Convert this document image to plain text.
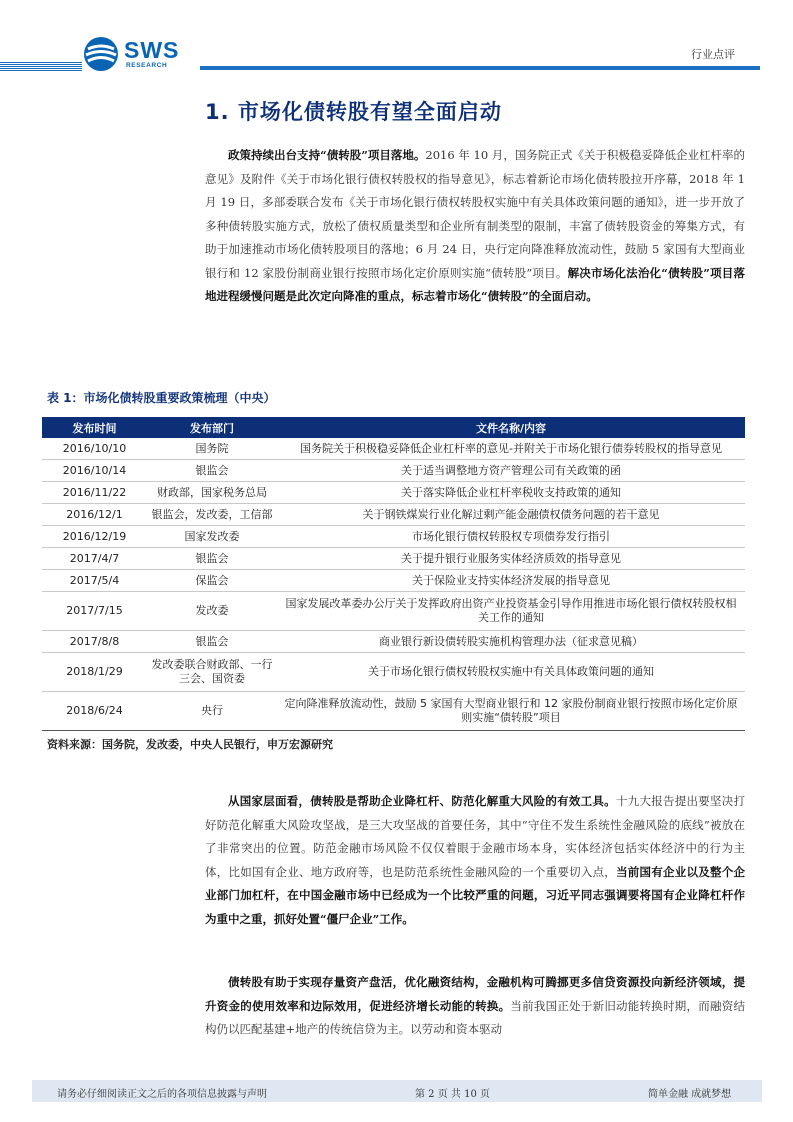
SWS
RESEARCH
行业点评
1. 市场化债转股有望全面启动

政策持续出台支持“债转股”项目落地。2016 年 10 月，国务院正式《关于积极稳妥降低企业杠杆率的意见》及附件《关于市场化银行债权转股权的指导意见》，标志着新论市场化债转股拉开序幕，2018 年 1 月 19 日，多部委联合发布《关于市场化银行债权转股权实施中有关具体政策问题的通知》，进一步开放了多种债转股实施方式，放松了债权质量类型和企业所有制类型的限制，丰富了债转股资金的筹集方式，有助于加速推动市场化债转股项目的落地；6 月 24 日，央行定向降准释放流动性，鼓励 5 家国有大型商业银行和 12 家股份制商业银行按照市场化定价原则实施“债转股”项目。解决市场化法治化“债转股”项目落地进程缓慢问题是此次定向降准的重点，标志着市场化“债转股”的全面启动。

表 1：市场化债转股重要政策梳理（中央）
发布时间	发布部门	文件名称/内容
2016/10/10	国务院	国务院关于积极稳妥降低企业杠杆率的意见-并附关于市场化银行债券转股权的指导意见
2016/10/14	银监会	关于适当调整地方资产管理公司有关政策的函
2016/11/22	财政部，国家税务总局	关于落实降低企业杠杆率税收支持政策的通知
2016/12/1	银监会，发改委，工信部	关于钢铁煤炭行业化解过剩产能金融债权债务问题的若干意见
2016/12/19	国家发改委	市场化银行债权转股权专项债券发行指引
2017/4/7	银监会	关于提升银行业服务实体经济质效的指导意见
2017/5/4	保监会	关于保险业支持实体经济发展的指导意见
2017/7/15	发改委	国家发展改革委办公厅关于发挥政府出资产业投资基金引导作用推进市场化银行债权转股权相关工作的通知
2017/8/8	银监会	商业银行新设债转股实施机构管理办法（征求意见稿）
2018/1/29	发改委联合财政部、一行三会、国资委	关于市场化银行债权转股权实施中有关具体政策问题的通知
2018/6/24	央行	定向降准释放流动性，鼓励 5 家国有大型商业银行和 12 家股份制商业银行按照市场化定价原则实施“债转股”项目
资料来源：国务院，发改委，中央人民银行，申万宏源研究

从国家层面看，债转股是帮助企业降杠杆、防范化解重大风险的有效工具。十九大报告提出要坚决打好防范化解重大风险攻坚战，是三大攻坚战的首要任务，其中“守住不发生系统性金融风险的底线”被放在了非常突出的位置。防范金融市场风险不仅仅着眼于金融市场本身，实体经济包括实体经济中的行为主体，比如国有企业、地方政府等，也是防范系统性金融风险的一个重要切入点，当前国有企业以及整个企业部门加杠杆，在中国金融市场中已经成为一个比较严重的问题，习近平同志强调要将国有企业降杠杆作为重中之重，抓好处置“僵尸企业”工作。

债转股有助于实现存量资产盘活，优化融资结构，金融机构可腾挪更多信贷资源投向新经济领域，提升资金的使用效率和边际效用，促进经济增长动能的转换。当前我国正处于新旧动能转换时期，而融资结构仍以匹配基建+地产的传统信贷为主。以劳动和资本驱动

请务必仔细阅读正文之后的各项信息披露与声明	第 2 页 共 10 页	简单金融 成就梦想
